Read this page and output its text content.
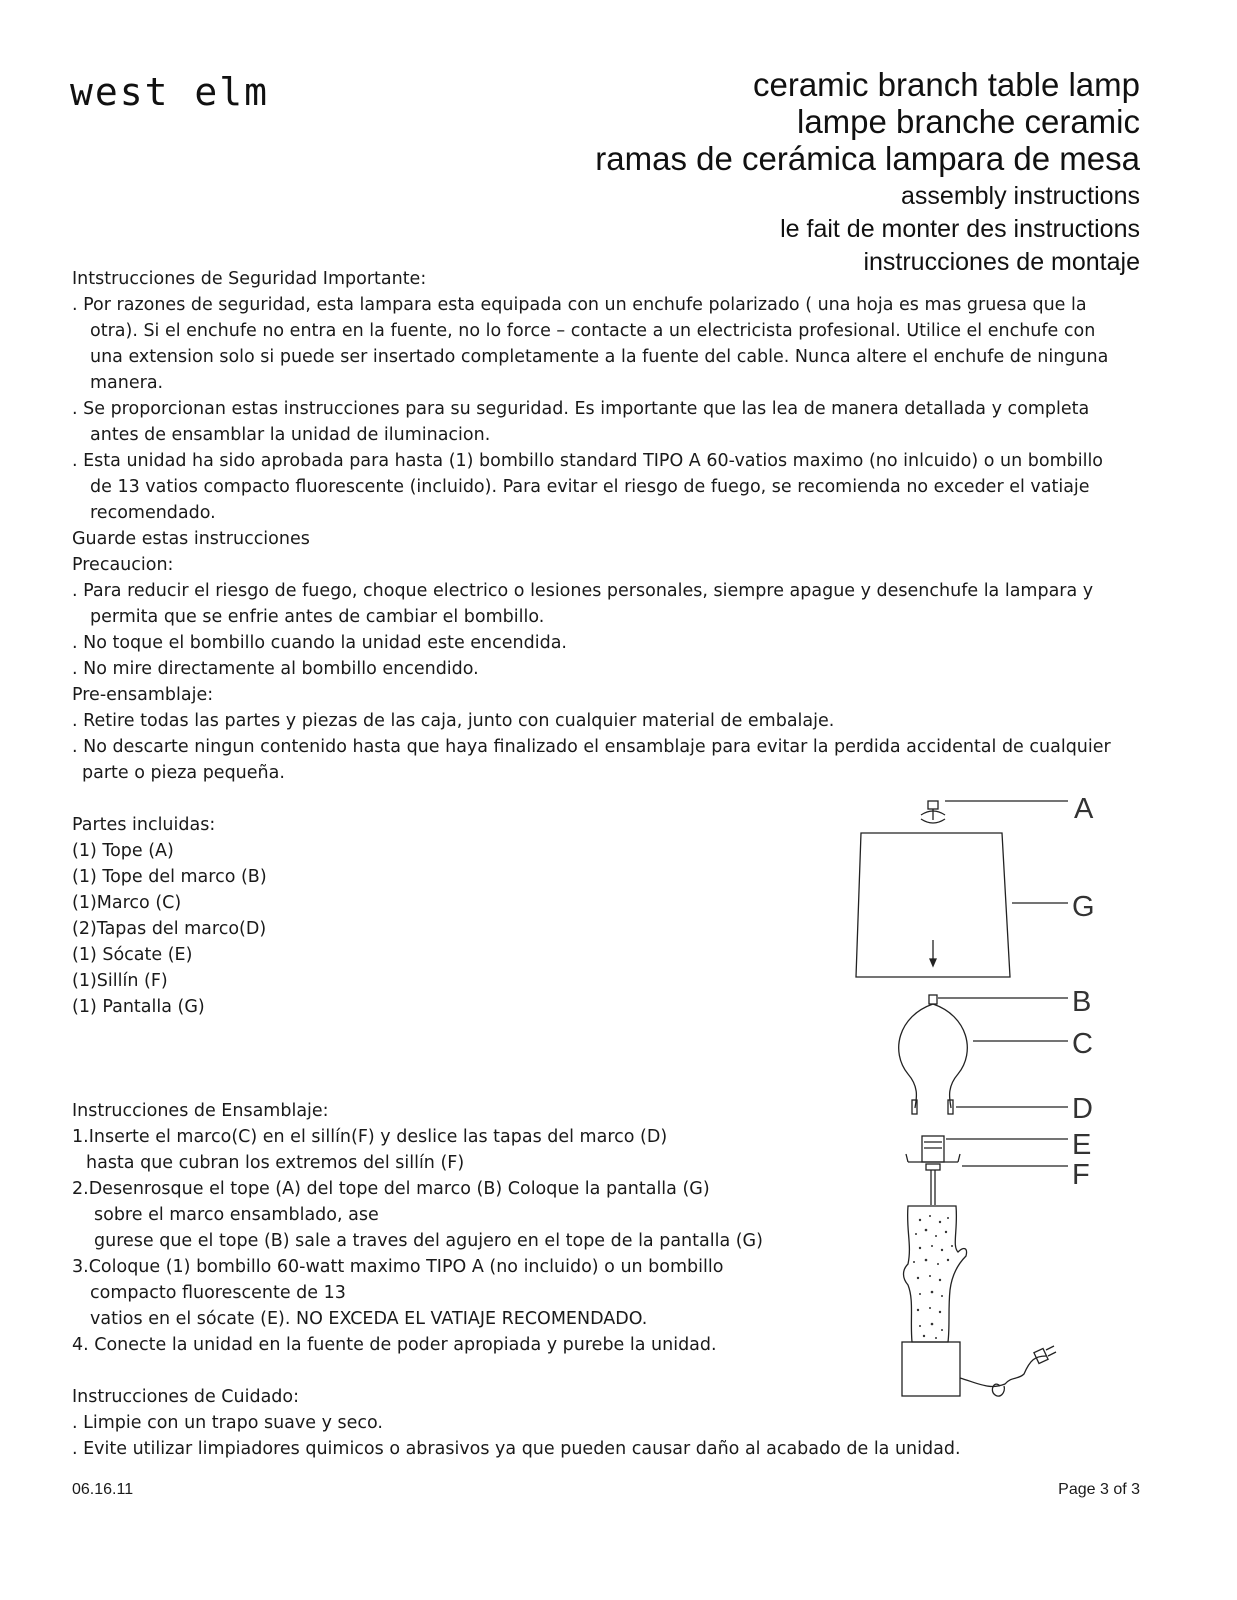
west elm	ceramic branch table lamp

lampe branche ceramic

ramas de cerámica lampara de mesa

assembly instructions

le fait de monter des instructions

instrucciones de montaje

Intstrucciones de Seguridad Importante:

. Por razones de seguridad, esta lampara esta equipada con un enchufe polarizado ( una hoja es mas gruesa que la
otra). Si el enchufe no entra en la fuente, no lo force – contacte a un electricista profesional. Utilice el enchufe con
una extension solo si puede ser insertado completamente a la fuente del cable. Nunca altere el enchufe de ninguna
manera.
. Se proporcionan estas instrucciones para su seguridad. Es importante que las lea de manera detallada y completa
antes de ensamblar la unidad de iluminacion.
. Esta unidad ha sido aprobada para hasta (1) bombillo standard TIPO A 60-vatios maximo (no inlcuido) o un bombillo
de 13 vatios compacto fluorescente (incluido). Para evitar el riesgo de fuego, se recomienda no exceder el vatiaje
recomendado.

Guarde estas instrucciones

Precaucion:

. Para reducir el riesgo de fuego, choque electrico o lesiones personales, siempre apague y desenchufe la lampara y
permita que se enfrie antes de cambiar el bombillo.

. No toque el bombillo cuando la unidad este encendida.

. No mire directamente al bombillo encendido.

Pre-ensamblaje:

. Retire todas las partes y piezas de las caja, junto con cualquier material de embalaje.

. No descarte ningun contenido hasta que haya finalizado el ensamblaje para evitar la perdida accidental de cualquier
parte o pieza pequeña.

Partes incluidas:

(1) Tope (A)
(1) Tope del marco (B)
(1)Marco (C)
(2)Tapas del marco(D)
(1) Sócate (E)
(1)Sillín (F)
(1) Pantalla (G)

Instrucciones de Ensamblaje:

1.Inserte el marco(C) en el sillín(F) y deslice las tapas del marco (D)
hasta que cubran los extremos del sillín (F)
2.Desenrosque el tope (A) del tope del marco (B) Coloque la pantalla (G)
sobre el marco ensamblado, ase
gurese que el tope (B) sale a traves del agujero en el tope de la pantalla (G)
3.Coloque (1) bombillo 60-watt maximo TIPO A (no incluido) o un bombillo
compacto fluorescente de 13
vatios en el sócate (E). NO EXCEDA EL VATIAJE RECOMENDADO.

4. Conecte la unidad en la fuente de poder apropiada y purebe la unidad.

Instrucciones de Cuidado:

. Limpie con un trapo suave y seco.

. Evite utilizar limpiadores quimicos o abrasivos ya que pueden causar daño al acabado de la unidad.

A
G
B
C
D
E
F
06.16.11	Page 3 of 3
